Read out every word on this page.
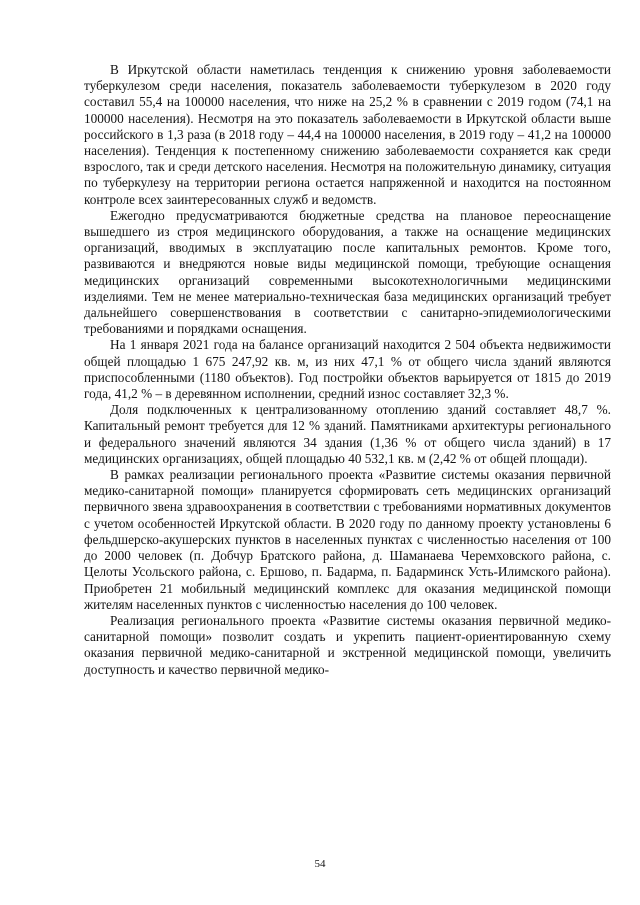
В Иркутской области наметилась тенденция к снижению уровня заболеваемости туберкулезом среди населения, показатель заболеваемости туберкулезом в 2020 году составил 55,4 на 100000 населения, что ниже на 25,2 % в сравнении с 2019 годом (74,1 на 100000 населения). Несмотря на это показатель заболеваемости в Иркутской области выше российского в 1,3 раза (в 2018 году – 44,4 на 100000 населения, в 2019 году – 41,2 на 100000 населения). Тенденция к постепенному снижению заболеваемости сохраняется как среди взрослого, так и среди детского населения. Несмотря на положительную динамику, ситуация по туберкулезу на территории региона остается напряженной и находится на постоянном контроле всех заинтересованных служб и ведомств.

Ежегодно предусматриваются бюджетные средства на плановое переоснащение вышедшего из строя медицинского оборудования, а также на оснащение медицинских организаций, вводимых в эксплуатацию после капитальных ремонтов. Кроме того, развиваются и внедряются новые виды медицинской помощи, требующие оснащения медицинских организаций современными высокотехнологичными медицинскими изделиями. Тем не менее материально-техническая база медицинских организаций требует дальнейшего совершенствования в соответствии с санитарно-эпидемиологическими требованиями и порядками оснащения.

На 1 января 2021 года на балансе организаций находится 2 504 объекта недвижимости общей площадью 1 675 247,92 кв. м, из них 47,1 % от общего числа зданий являются приспособленными (1180 объектов). Год постройки объектов варьируется от 1815 до 2019 года, 41,2 % – в деревянном исполнении, средний износ составляет 32,3 %.

Доля подключенных к централизованному отоплению зданий составляет 48,7 %. Капитальный ремонт требуется для 12 % зданий. Памятниками архитектуры регионального и федерального значений являются 34 здания (1,36 % от общего числа зданий) в 17 медицинских организациях, общей площадью 40 532,1 кв. м (2,42 % от общей площади).

В рамках реализации регионального проекта «Развитие системы оказания первичной медико-санитарной помощи» планируется сформировать сеть медицинских организаций первичного звена здравоохранения в соответствии с требованиями нормативных документов с учетом особенностей Иркутской области. В 2020 году по данному проекту установлены 6 фельдшерско-акушерских пунктов в населенных пунктах с численностью населения от 100 до 2000 человек (п. Добчур Братского района, д. Шаманаева Черемховского района, с. Целоты Усольского района, с. Ершово, п. Бадарма, п. Бадарминск Усть-Илимского района). Приобретен 21 мобильный медицинский комплекс для оказания медицинской помощи жителям населенных пунктов с численностью населения до 100 человек.

Реализация регионального проекта «Развитие системы оказания первичной медико-санитарной помощи» позволит создать и укрепить пациент-ориентированную схему оказания первичной медико-санитарной и экстренной медицинской помощи, увеличить доступность и качество первичной медико-

54
